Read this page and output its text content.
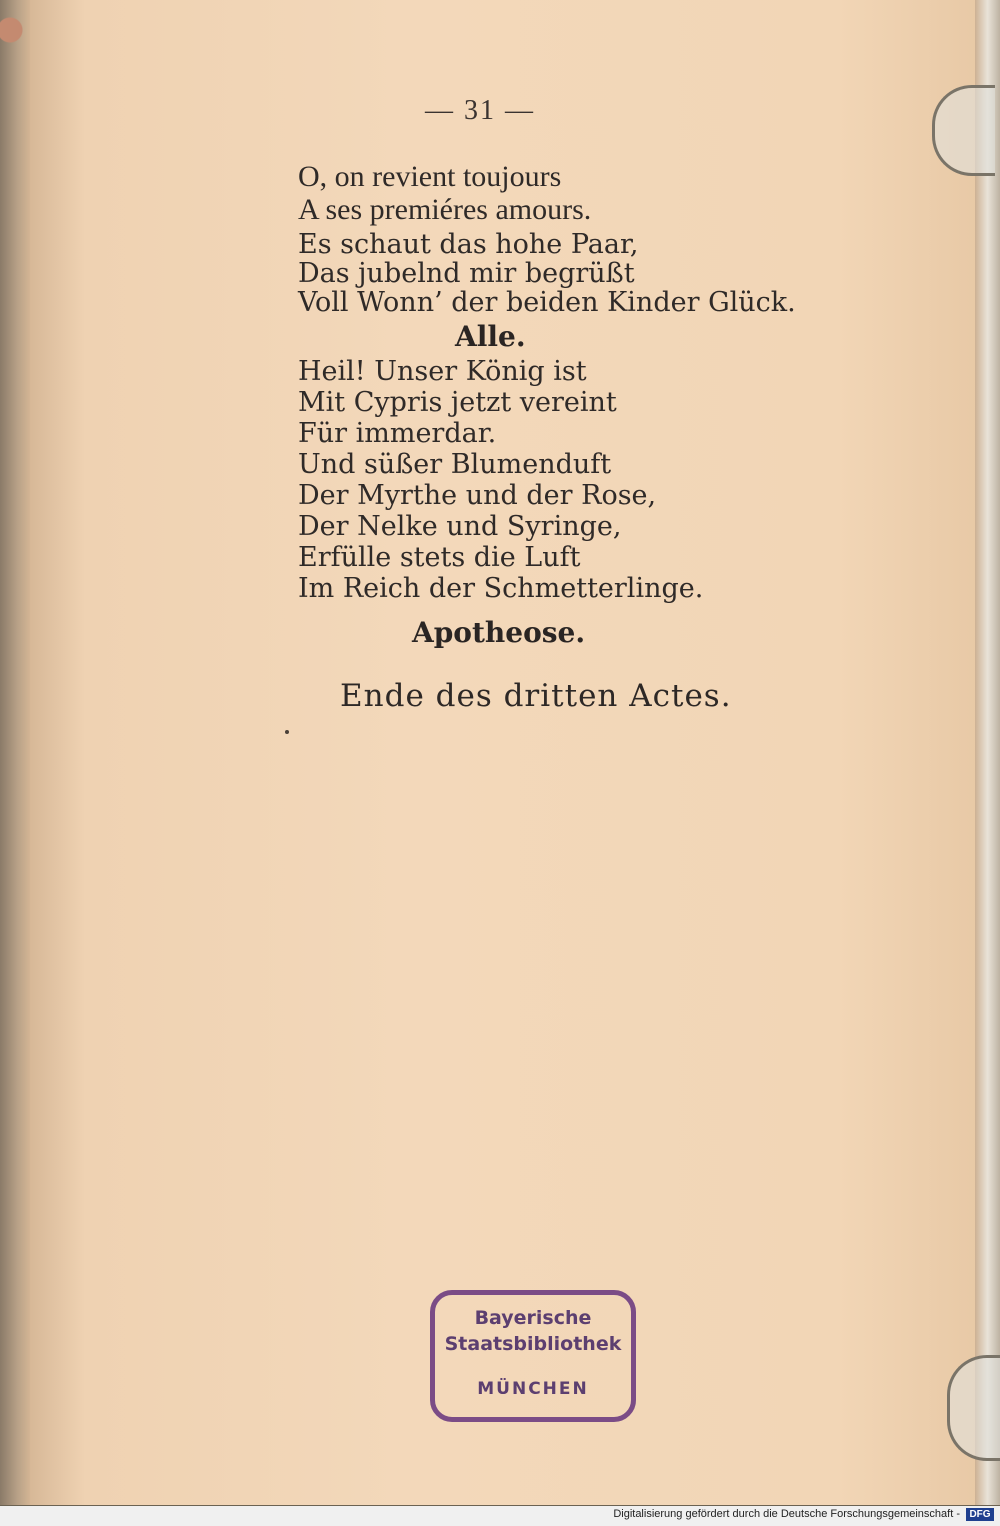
— 31 —
O, on revient toujours
A ses premiéres amours.
Es schaut das hohe Paar,
Das jubelnd mir begrüßt
Voll Wonn’ der beiden Kinder Glück.
Alle.
Heil! Unser König ist
Mit Cypris jetzt vereint
Für immerdar.
Und süßer Blumenduft
Der Myrthe und der Rose,
Der Nelke und Syringe,
Erfülle stets die Luft
Im Reich der Schmetterlinge.
Apotheose.
Ende des dritten Actes.
Bayerische
Staatsbibliothek
MÜNCHEN
Digitalisierung gefördert durch die Deutsche Forschungsgemeinschaft - DFG
